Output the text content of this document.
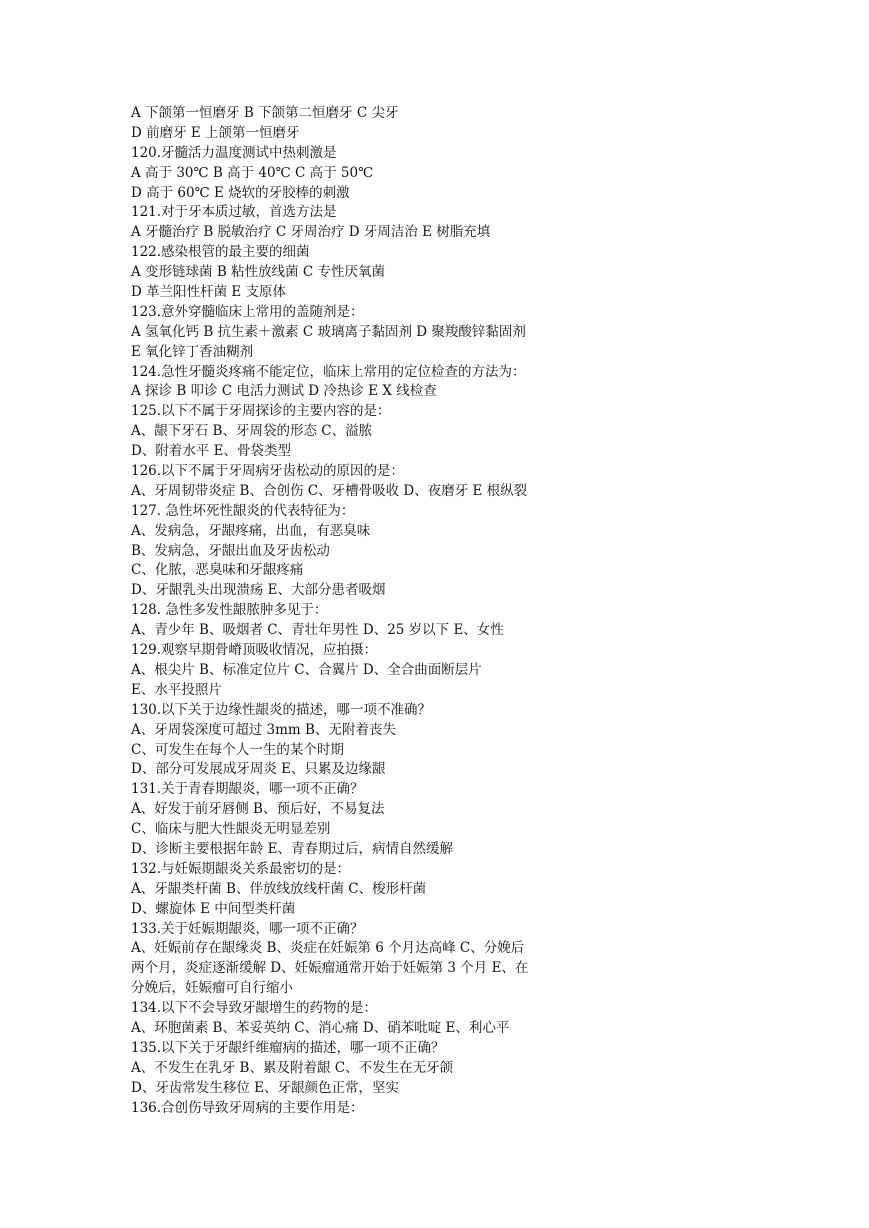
A 下颌第一恒磨牙 B 下颌第二恒磨牙 C 尖牙
D 前磨牙 E 上颌第一恒磨牙
120.牙髓活力温度测试中热刺激是
A 高于 30℃ B 高于 40℃ C 高于 50℃
D 高于 60℃ E 烧软的牙胶棒的刺激
121.对于牙本质过敏，首选方法是
A 牙髓治疗 B 脱敏治疗 C 牙周治疗 D 牙周洁治 E 树脂充填
122.感染根管的最主要的细菌
A 变形链球菌 B 粘性放线菌 C 专性厌氧菌
D 革兰阳性杆菌 E 支原体
123.意外穿髓临床上常用的盖随剂是：
A 氢氧化钙 B 抗生素＋激素 C 玻璃离子黏固剂 D 聚羧酸锌黏固剂
E 氧化锌丁香油糊剂
124.急性牙髓炎疼痛不能定位，临床上常用的定位检查的方法为：
A 探诊 B 叩诊 C 电活力测试 D 冷热诊 E X 线检查
125.以下不属于牙周探诊的主要内容的是：
A、龈下牙石 B、牙周袋的形态 C、溢脓
D、附着水平 E、骨袋类型
126.以下不属于牙周病牙齿松动的原因的是：
A、牙周韧带炎症 B、合创伤 C、牙槽骨吸收 D、夜磨牙 E 根纵裂
127. 急性坏死性龈炎的代表特征为：
A、发病急，牙龈疼痛，出血，有恶臭味
B、发病急，牙龈出血及牙齿松动
C、化脓，恶臭味和牙龈疼痛
D、牙龈乳头出现溃疡 E、大部分患者吸烟
128. 急性多发性龈脓肿多见于：
A、青少年 B、吸烟者 C、青壮年男性 D、25 岁以下 E、女性
129.观察早期骨嵴顶吸收情况，应拍摄：
A、根尖片 B、标准定位片 C、合翼片 D、全合曲面断层片
E、水平投照片
130.以下关于边缘性龈炎的描述，哪一项不准确？
A、牙周袋深度可超过 3mm B、无附着丧失
C、可发生在每个人一生的某个时期
D、部分可发展成牙周炎 E、只累及边缘龈
131.关于青春期龈炎，哪一项不正确？
A、好发于前牙唇侧 B、预后好，不易复法
C、临床与肥大性龈炎无明显差别
D、诊断主要根据年龄 E、青春期过后，病情自然缓解
132.与妊娠期龈炎关系最密切的是：
A、牙龈类杆菌 B、伴放线放线杆菌 C、梭形杆菌
D、螺旋体 E 中间型类杆菌
133.关于妊娠期龈炎，哪一项不正确？
A、妊娠前存在龈缘炎 B、炎症在妊娠第 6 个月达高峰 C、分娩后
两个月，炎症逐渐缓解 D、妊娠瘤通常开始于妊娠第 3 个月 E、在
分娩后，妊娠瘤可自行缩小
134.以下不会导致牙龈增生的药物的是：
A、环胞菌素 B、苯妥英纳 C、消心痛 D、硝苯吡啶 E、利心平
135.以下关于牙龈纤维瘤病的描述，哪一项不正确？
A、不发生在乳牙 B、累及附着龈 C、不发生在无牙颌
D、牙齿常发生移位 E、牙龈颜色正常，坚实
136.合创伤导致牙周病的主要作用是：
